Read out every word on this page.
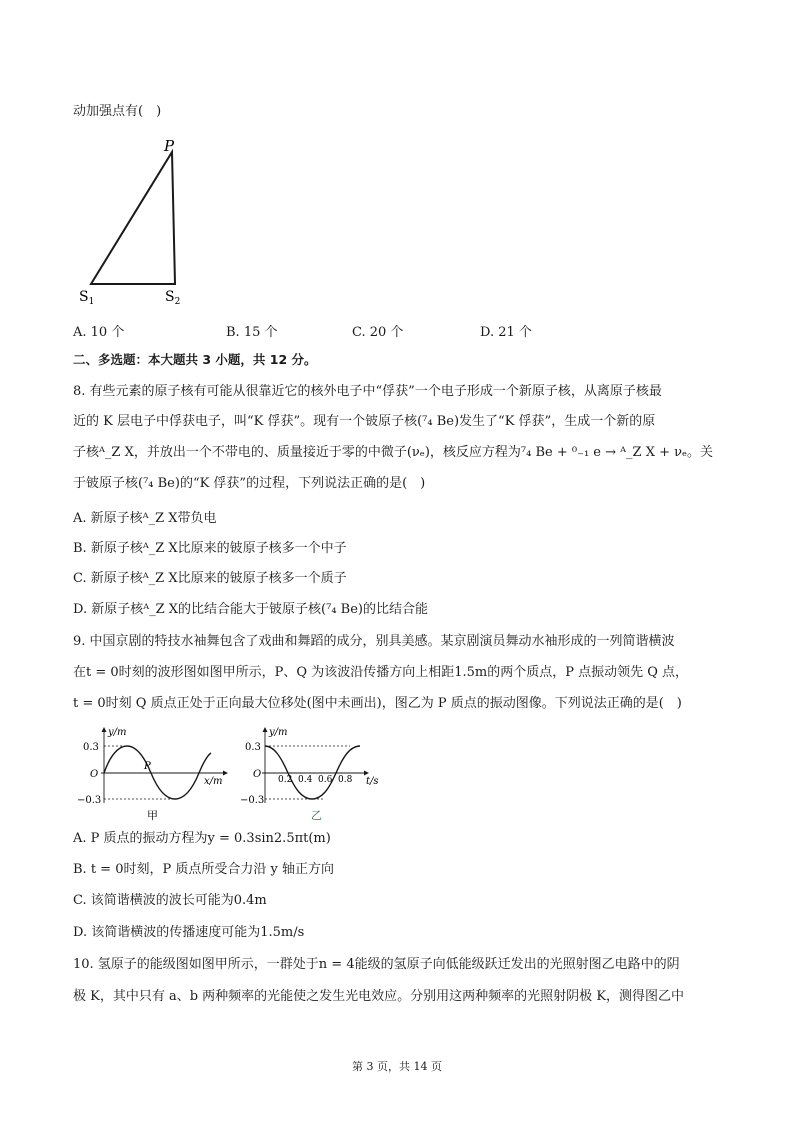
动加强点有(　)
P
$S_1$	$S_2$
A. 10 个	B. 15 个	C. 20 个	D. 21 个
二、多选题：本大题共 3 小题，共 12 分。
8. 有些元素的原子核有可能从很靠近它的核外电子中“俘获”一个电子形成一个新原子核，从离原子核最
近的 K 层电子中俘获电子，叫“K 俘获”。现有一个铍原子核(⁷₄ Be)发生了“K 俘获”，生成一个新的原
子核ᴬ_Z X，并放出一个不带电的、质量接近于零的中微子(νₑ)，核反应方程为⁷₄ Be + ⁰₋₁ e → ᴬ_Z X + νₑ。关
于铍原子核(⁷₄ Be)的“K 俘获”的过程，下列说法正确的是(　)
A. 新原子核ᴬ_Z X带负电
B. 新原子核ᴬ_Z X比原来的铍原子核多一个中子
C. 新原子核ᴬ_Z X比原来的铍原子核多一个质子
D. 新原子核ᴬ_Z X的比结合能大于铍原子核(⁷₄ Be)的比结合能
9. 中国京剧的特技水袖舞包含了戏曲和舞蹈的成分，别具美感。某京剧演员舞动水袖形成的一列简谐横波
在t = 0时刻的波形图如图甲所示，P、Q 为该波沿传播方向上相距1.5m的两个质点，P 点振动领先 Q 点，
t = 0时刻 Q 质点正处于正向最大位移处(图中未画出)，图乙为 P 质点的振动图像。下列说法正确的是(　)
y/m
0.3
O
−0.3
P
x/m
甲
y/m
0.3
O
−0.3
0.2 0.4 0.6 0.8 t/s
乙
A. P 质点的振动方程为y = 0.3sin2.5πt(m)
B. t = 0时刻，P 质点所受合力沿 y 轴正方向
C. 该简谐横波的波长可能为0.4m
D. 该简谐横波的传播速度可能为1.5m/s
10. 氢原子的能级图如图甲所示，一群处于n = 4能级的氢原子向低能级跃迁发出的光照射图乙电路中的阴
极 K，其中只有 a、b 两种频率的光能使之发生光电效应。分别用这两种频率的光照射阴极 K，测得图乙中
第 3 页，共 14 页
